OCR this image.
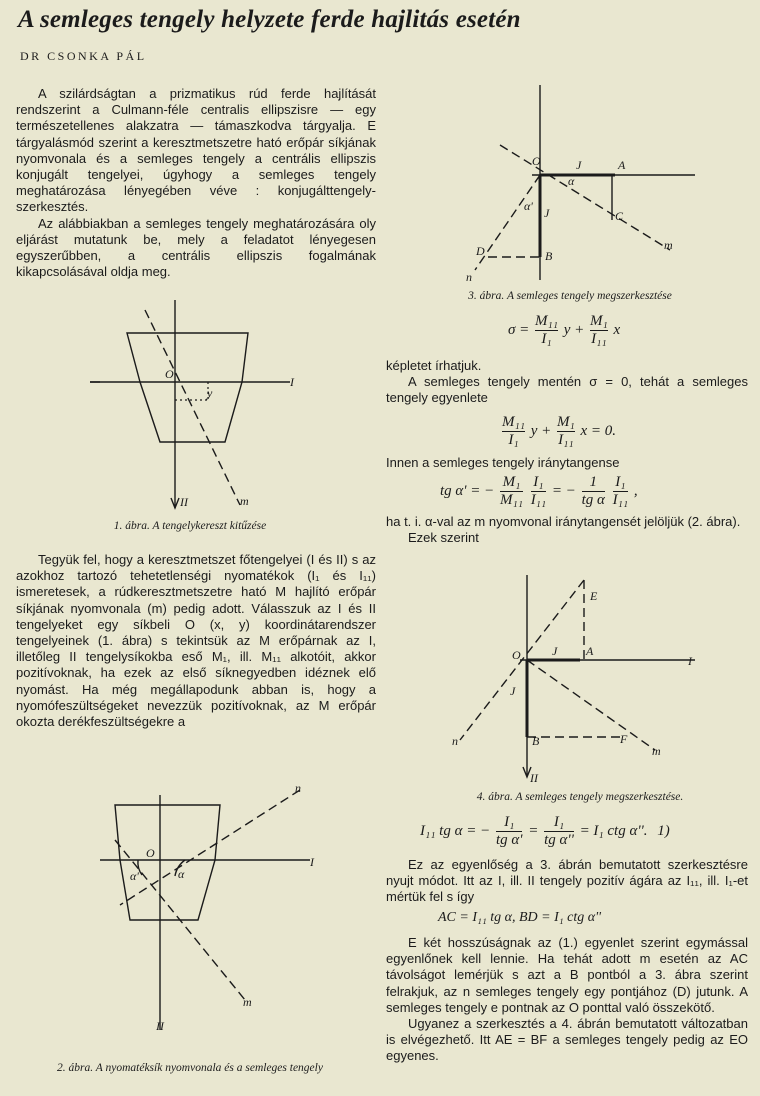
A semleges tengely helyzete ferde hajlitás esetén
DR CSONKA PÁL

A szilárdságtan a prizmatikus rúd ferde hajlítását rendszerint a Culmann-féle centralis ellipszisre — egy természetellenes alakzatra — támaszkodva tárgyalja. E tárgyalásmód szerint a keresztmetszetre ható erőpár síkjának nyomvonala és a semleges tengely a centrális ellipszis konjugált tengelyei, úgyhogy a semleges tengely meghatározása lényegében véve : konjugálttengely-szerkesztés.

Az alábbiakban a semleges tengely meghatározására oly eljárást mutatunk be, mely a feladatot lényegesen egyszerűbben, a centrális ellipszis fogalmának kikapcsolásával oldja meg.

O
I
y
II	m
1. ábra. A tengelykereszt kitűzése

Tegyük fel, hogy a keresztmetszet főtengelyei (I és II) s az azokhoz tartozó tehetetlenségi nyomatékok (I₁ és I₁₁) ismeretesek, a rúdkeresztmetszetre ható M hajlító erőpár síkjának nyomvonala (m) pedig adott. Válasszuk az I és II tengelyeket egy síkbeli O (x, y) koordinátarendszer tengelyeinek (1. ábra) s tekintsük az M erőpárnak az I, illetőleg II tengelysíkokba eső M₁, ill. M₁₁ alkotóit, akkor pozitívoknak, ha ezek az első síknegyedben idéznek elő nyomást. Ha még megállapodunk abban is, hogy a nyomófeszültségeket nevezzük pozitívoknak, az M erőpár okozta derékfeszültségekre a

O
I
n
m
α
α'
II
2. ábra. A nyomatéksík nyomvonala és a semleges tengely
O	J	A
α
α' J	C
B
D
n
m
3. ábra. A semleges tengely megszerkesztése
$\sigma = \frac{\text{M₁₁}}{\text{I₁}}$ $y + \frac{\text{M₁}}{\text{I₁₁}}$ x
képletet írhatjuk.

A semleges tengely mentén σ = 0, tehát a semleges tengely egyenlete

$\frac{\text{M₁₁}}{\text{I₁}}$ $y + \frac{\text{M₁}}{\text{I₁₁}}$ x = 0.
Innen a semleges tengely iránytangense
tg α' = − $\frac{\text{M₁}}{\text{M₁₁}}$
$\frac{\text{I₁}}{\text{I₁₁}}$ = − $\frac{1}{\text{tg α}}$
$\frac{\text{I₁}}{\text{I₁₁}}$ ,
ha t. i. α-val az m nyomvonal iránytangensét jelöljük (2. ábra).

Ezek szerint

O	J A
E
J
B	F
I
n
m
II
4. ábra. A semleges tengely megszerkesztése.
I₁₁ tg α = − $\frac{\text{I₁}}{\text{tg α'}} = \frac{\text{I₁}}{\text{tg α''}} = I_1$ ctg α''. 1)

Ez az egyenlőség a 3. ábrán bemutatott szerkesztésre nyujt módot. Itt az I, ill. II tengely pozitív ágára az I₁₁, ill. I₁-et mértük fel s így

AC = I₁₁ tg α, BD = I₁ ctg α''

E két hosszúságnak az (1.) egyenlet szerint egymással egyenlőnek kell lennie. Ha tehát adott m esetén az AC távolságot lemérjük s azt a B pontból a 3. ábra szerint felrakjuk, az n semleges tengely egy pontjához (D) jutunk. A semleges tengely e pontnak az O ponttal való összekötő.

Ugyanez a szerkesztés a 4. ábrán bemutatott változatban is elvégezhető. Itt AE = BF a semleges tengely pedig az EO egyenes.
